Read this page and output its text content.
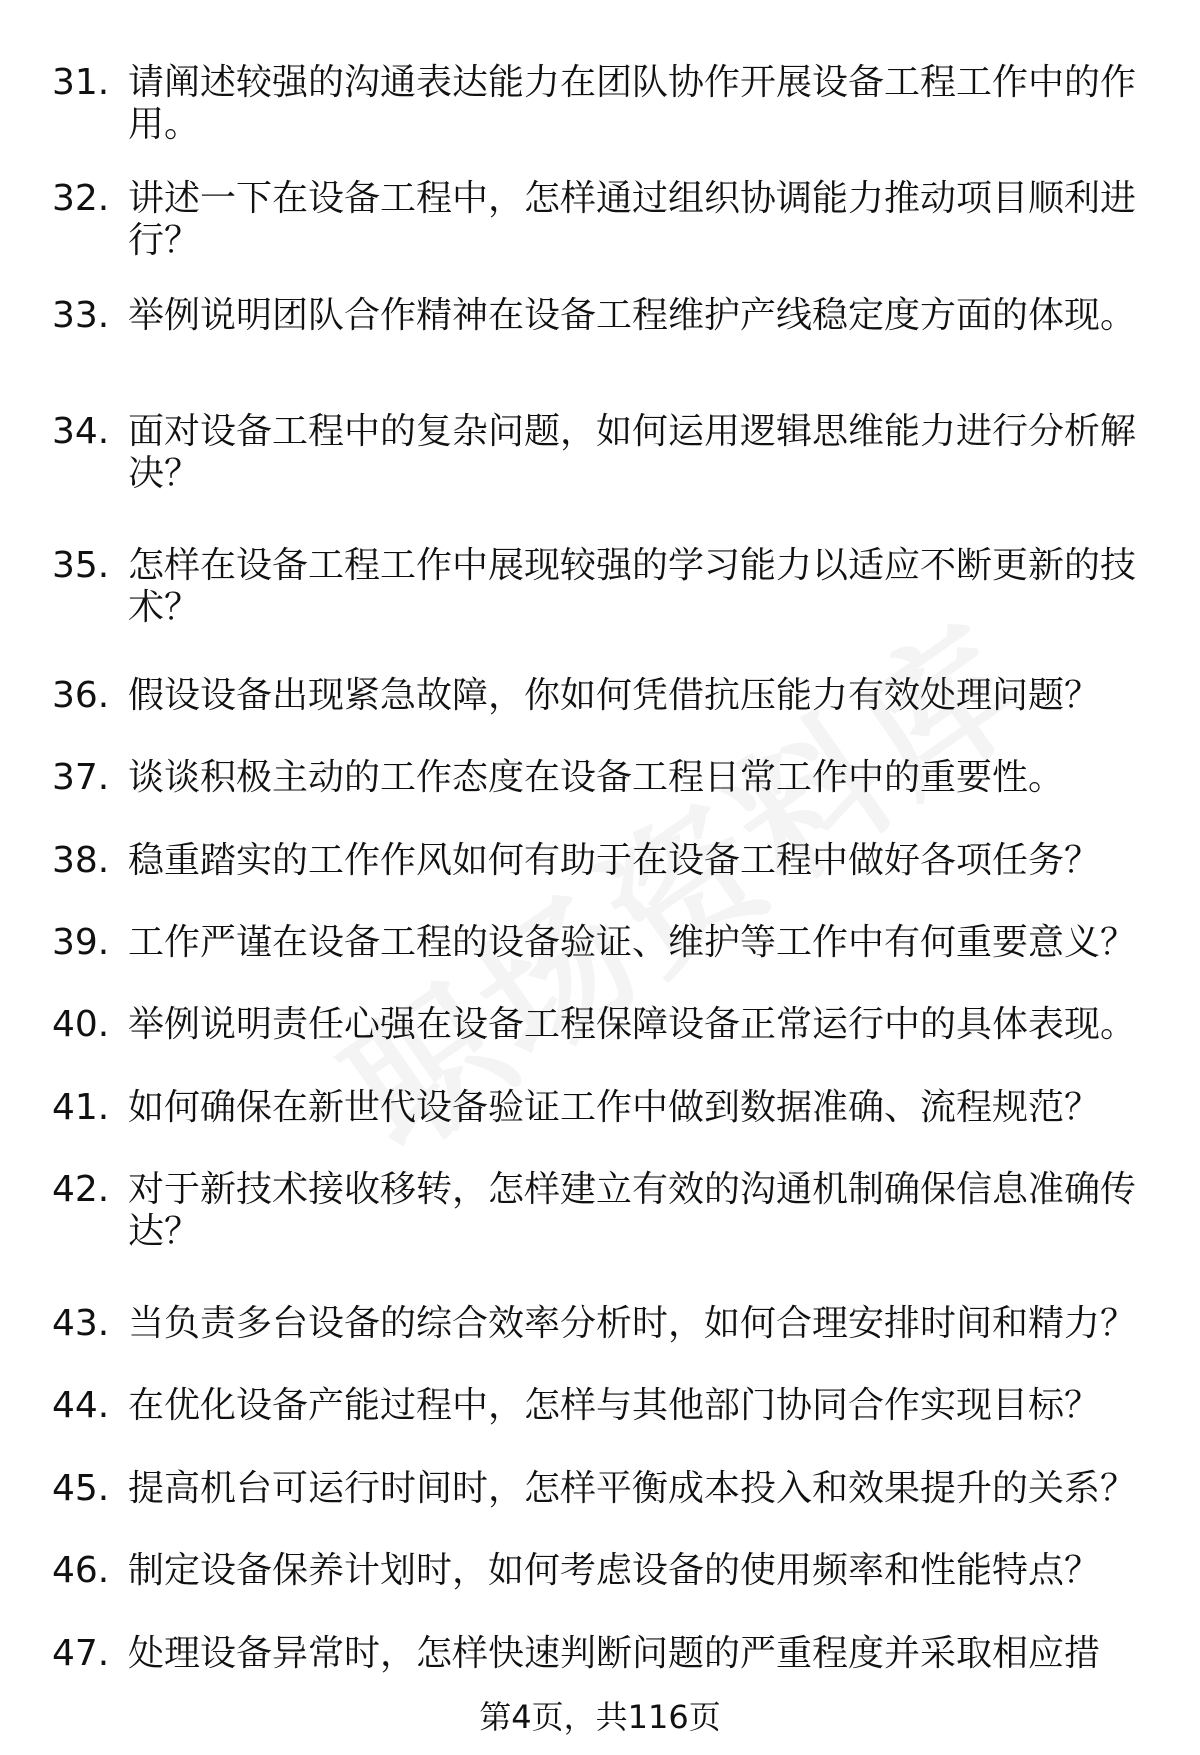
31. 请阐述较强的沟通表达能力在团队协作开展设备工程工作中的作
用。
32. 讲述一下在设备工程中，怎样通过组织协调能力推动项目顺利进
行？
33. 举例说明团队合作精神在设备工程维护产线稳定度方面的体现。
34. 面对设备工程中的复杂问题，如何运用逻辑思维能力进行分析解
决？
35. 怎样在设备工程工作中展现较强的学习能力以适应不断更新的技
术？
36. 假设设备出现紧急故障，你如何凭借抗压能力有效处理问题？
37. 谈谈积极主动的工作态度在设备工程日常工作中的重要性。
38. 稳重踏实的工作作风如何有助于在设备工程中做好各项任务？
39. 工作严谨在设备工程的设备验证、维护等工作中有何重要意义？
40. 举例说明责任心强在设备工程保障设备正常运行中的具体表现。
41. 如何确保在新世代设备验证工作中做到数据准确、流程规范？
42. 对于新技术接收移转，怎样建立有效的沟通机制确保信息准确传
达？
43. 当负责多台设备的综合效率分析时，如何合理安排时间和精力？
44. 在优化设备产能过程中，怎样与其他部门协同合作实现目标？
45. 提高机台可运行时间时，怎样平衡成本投入和效果提升的关系？
46. 制定设备保养计划时，如何考虑设备的使用频率和性能特点？
47. 处理设备异常时，怎样快速判断问题的严重程度并采取相应措
第4页，共116页
